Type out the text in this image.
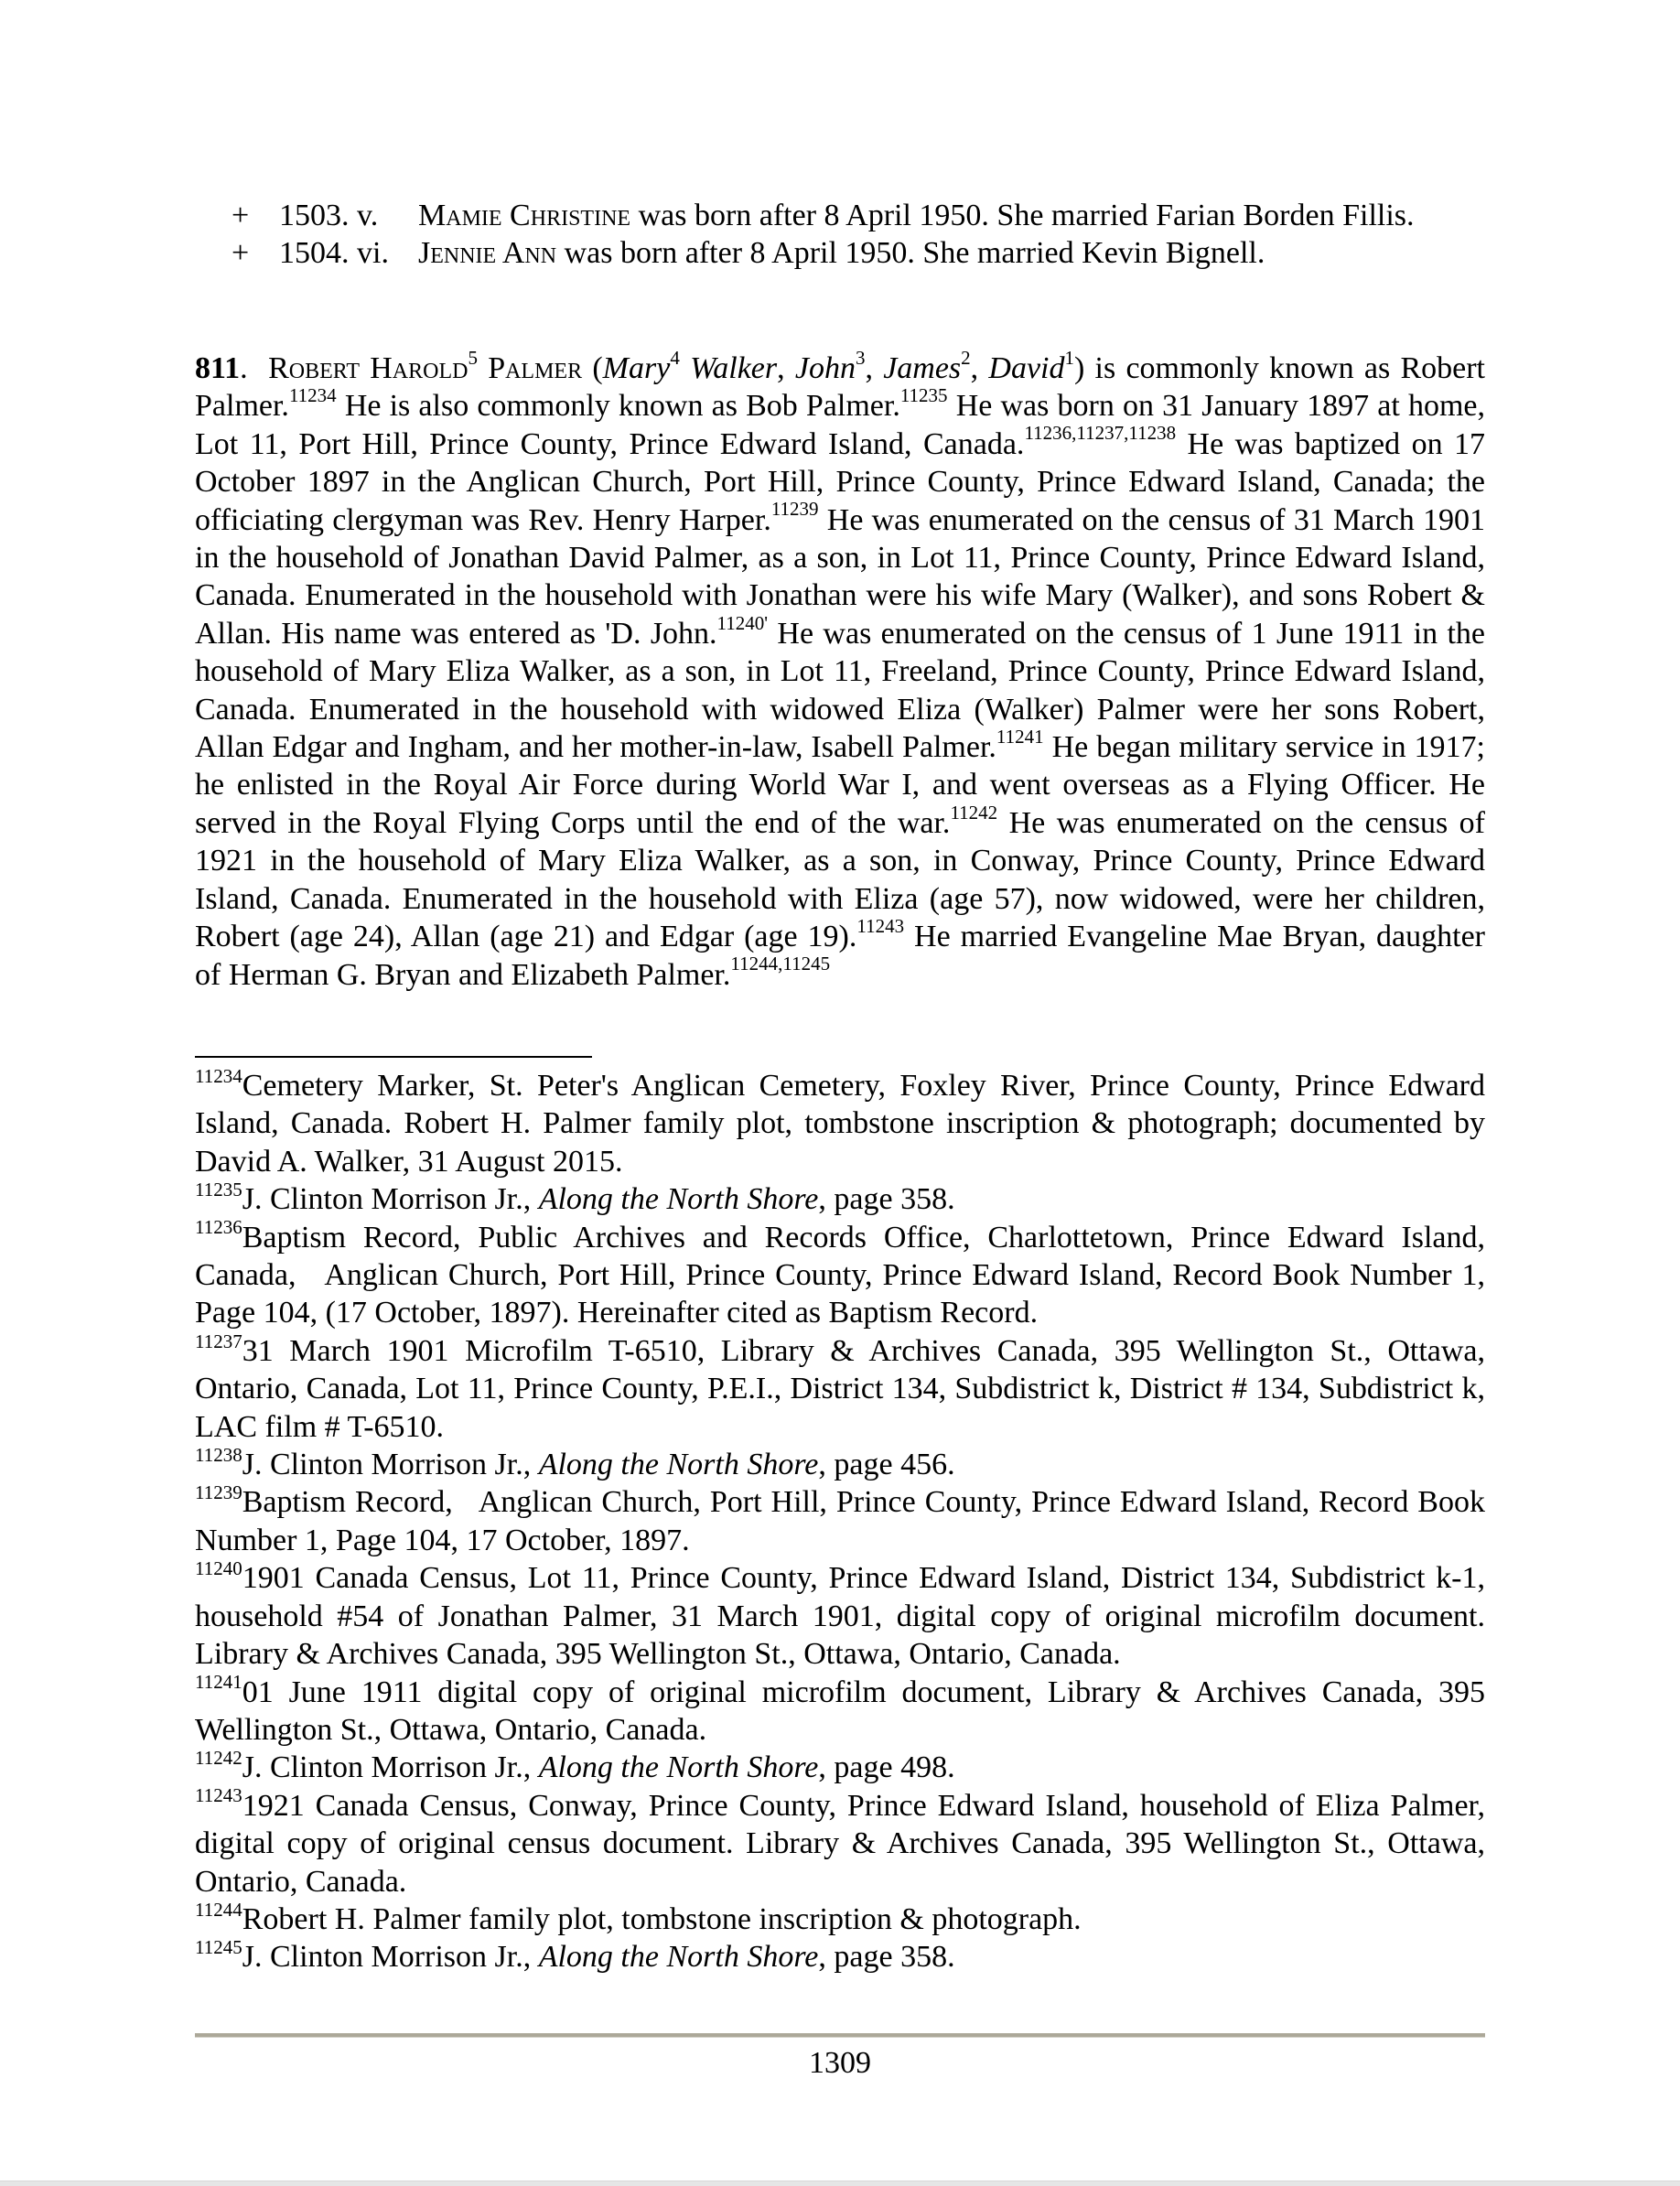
+ 1503. v. Mamie Christine was born after 8 April 1950. She married Farian Borden Fillis.
+ 1504. vi. Jennie Ann was born after 8 April 1950. She married Kevin Bignell.

811.  Robert Harold$^5$ Palmer (Mary$^4$ Walker, John$^3$, James$^2$, David$^1$) is commonly known as Robert Palmer.$^{11234}$ He is also commonly known as Bob Palmer.$^{11235}$ He was born on 31 January 1897 at home, Lot 11, Port Hill, Prince County, Prince Edward Island, Canada.$^{11236,11237,11238}$ He was baptized on 17 October 1897 in the Anglican Church, Port Hill, Prince County, Prince Edward Island, Canada; the officiating clergyman was Rev. Henry Harper.$^{11239}$ He was enumerated on the census of 31 March 1901 in the household of Jonathan David Palmer, as a son, in Lot 11, Prince County, Prince Edward Island, Canada. Enumerated in the household with Jonathan were his wife Mary (Walker), and sons Robert & Allan. His name was entered as 'D. John.$^{11240'}$ He was enumerated on the census of 1 June 1911 in the household of Mary Eliza Walker, as a son, in Lot 11, Freeland, Prince County, Prince Edward Island, Canada. Enumerated in the household with widowed Eliza (Walker) Palmer were her sons Robert, Allan Edgar and Ingham, and her mother-in-law, Isabell Palmer.$^{11241}$ He began military service in 1917; he enlisted in the Royal Air Force during World War I, and went overseas as a Flying Officer. He served in the Royal Flying Corps until the end of the war.$^{11242}$ He was enumerated on the census of 1921 in the household of Mary Eliza Walker, as a son, in Conway, Prince County, Prince Edward Island, Canada. Enumerated in the household with Eliza (age 57), now widowed, were her children, Robert (age 24), Allan (age 21) and Edgar (age 19).$^{11243}$ He married Evangeline Mae Bryan, daughter of Herman G. Bryan and Elizabeth Palmer.$^{11244,11245}$

$^{11234}$Cemetery Marker, St. Peter's Anglican Cemetery, Foxley River, Prince County, Prince Edward Island, Canada. Robert H. Palmer family plot, tombstone inscription & photograph; documented by David A. Walker, 31 August 2015.
$^{11235}$J. Clinton Morrison Jr., Along the North Shore, page 358.
$^{11236}$Baptism Record, Public Archives and Records Office, Charlottetown, Prince Edward Island, Canada,   Anglican Church, Port Hill, Prince County, Prince Edward Island, Record Book Number 1, Page 104, (17 October, 1897). Hereinafter cited as Baptism Record.
$^{11237}$31 March 1901 Microfilm T-6510, Library & Archives Canada, 395 Wellington St., Ottawa, Ontario, Canada, Lot 11, Prince County, P.E.I., District 134, Subdistrict k, District # 134, Subdistrict k, LAC film # T-6510.
$^{11238}$J. Clinton Morrison Jr., Along the North Shore, page 456.
$^{11239}$Baptism Record,   Anglican Church, Port Hill, Prince County, Prince Edward Island, Record Book Number 1, Page 104, 17 October, 1897.
$^{11240}$1901 Canada Census, Lot 11, Prince County, Prince Edward Island, District 134, Subdistrict k-1, household #54 of Jonathan Palmer, 31 March 1901, digital copy of original microfilm document. Library & Archives Canada, 395 Wellington St., Ottawa, Ontario, Canada.
$^{11241}$01 June 1911 digital copy of original microfilm document, Library & Archives Canada, 395 Wellington St., Ottawa, Ontario, Canada.
$^{11242}$J. Clinton Morrison Jr., Along the North Shore, page 498.
$^{11243}$1921 Canada Census, Conway, Prince County, Prince Edward Island, household of Eliza Palmer, digital copy of original census document. Library & Archives Canada, 395 Wellington St., Ottawa, Ontario, Canada.
$^{11244}$Robert H. Palmer family plot, tombstone inscription & photograph.
$^{11245}$J. Clinton Morrison Jr., Along the North Shore, page 358.
1309
